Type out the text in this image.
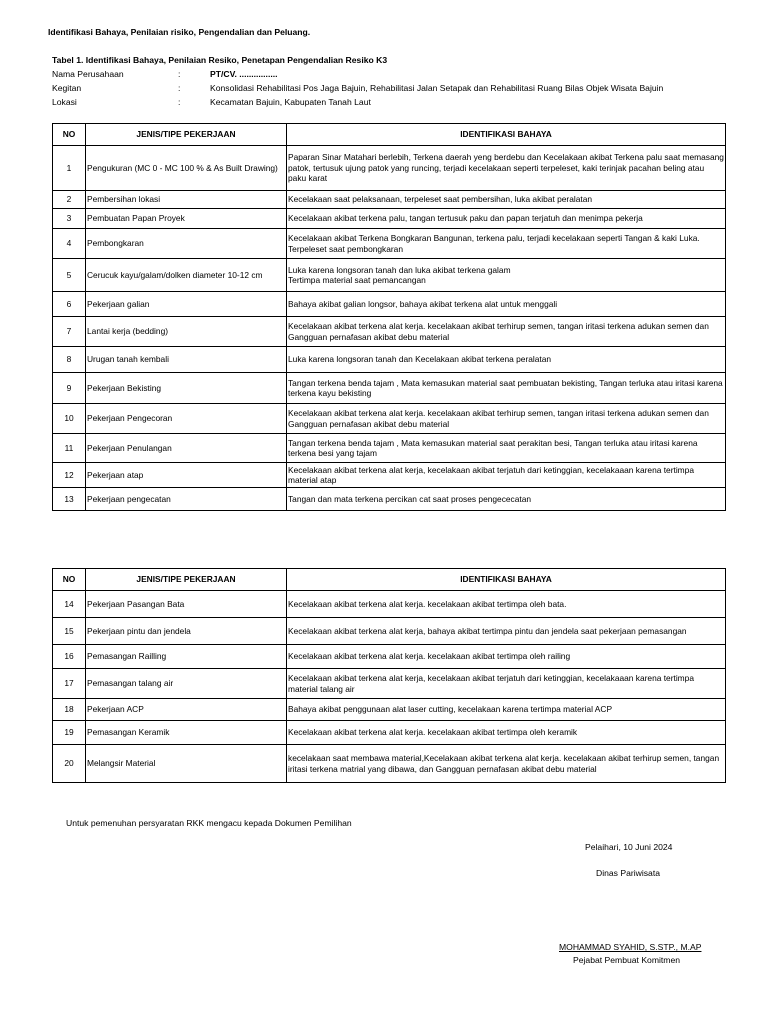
Identifikasi Bahaya, Penilaian risiko, Pengendalian dan Peluang.
Tabel 1. Identifikasi Bahaya, Penilaian Resiko, Penetapan Pengendalian Resiko K3
Nama Perusahaan	:	PT/CV. ................
Kegitan	:	Konsolidasi Rehabilitasi Pos Jaga Bajuin, Rehabilitasi Jalan Setapak dan Rehabilitasi Ruang Bilas Objek Wisata Bajuin
Lokasi	:	Kecamatan Bajuin, Kabupaten Tanah Laut
NO	JENIS/TIPE PEKERJAAN	IDENTIFIKASI BAHAYA
1	Pengukuran (MC 0 - MC 100 % & As Built Drawing)	Paparan Sinar Matahari berlebih, Terkena daerah yeng berdebu dan Kecelakaan akibat Terkena palu saat memasang patok, tertusuk ujung patok yang runcing, terjadi kecelakaan seperti terpeleset, kaki terinjak pacahan beling atau paku karat
2	Pembersihan lokasi	Kecelakaan saat pelaksanaan, terpeleset saat pembersihan, luka akibat peralatan
3	Pembuatan Papan Proyek	Kecelakaan akibat terkena palu, tangan tertusuk paku dan papan terjatuh dan menimpa pekerja
4	Pembongkaran	Kecelakaan akibat Terkena Bongkaran Bangunan, terkena palu, terjadi kecelakaan seperti Tangan & kaki Luka. Terpeleset saat pembongkaran
5	Cerucuk kayu/galam/dolken diameter 10-12 cm	Luka karena longsoran tanah dan luka akibat terkena galam
Tertimpa material saat pemancangan
6	Pekerjaan galian	Bahaya akibat galian longsor, bahaya akibat terkena alat untuk menggali
7	Lantai kerja (bedding)	Kecelakaan akibat terkena alat kerja. kecelakaan akibat terhirup semen, tangan iritasi terkena adukan semen dan Gangguan pernafasan akibat debu material
8	Urugan tanah kembali	Luka karena longsoran tanah dan Kecelakaan akibat terkena peralatan
9	Pekerjaan Bekisting	Tangan terkena benda tajam , Mata kemasukan material saat pembuatan bekisting, Tangan terluka atau iritasi karena terkena kayu bekisting
10	Pekerjaan Pengecoran	Kecelakaan akibat terkena alat kerja. kecelakaan akibat terhirup semen, tangan iritasi terkena adukan semen dan Gangguan pernafasan akibat debu material
11	Pekerjaan Penulangan	Tangan terkena benda tajam , Mata kemasukan material saat perakitan besi, Tangan terluka atau iritasi karena terkena besi yang tajam
12	Pekerjaan atap	Kecelakaan akibat terkena alat kerja, kecelakaan akibat terjatuh dari ketinggian, kecelakaaan karena tertimpa material atap
13	Pekerjaan pengecatan	Tangan dan mata terkena percikan cat saat proses pengececatan
NO	JENIS/TIPE PEKERJAAN	IDENTIFIKASI BAHAYA
14	Pekerjaan Pasangan Bata	Kecelakaan akibat terkena alat kerja. kecelakaan akibat tertimpa oleh bata.
15	Pekerjaan pintu dan jendela	Kecelakaan akibat terkena alat kerja, bahaya akibat tertimpa pintu dan jendela saat pekerjaan pemasangan
16	Pemasangan Railling	Kecelakaan akibat terkena alat kerja. kecelakaan akibat tertimpa oleh railing
17	Pemasangan talang air	Kecelakaan akibat terkena alat kerja, kecelakaan akibat terjatuh dari ketinggian, kecelakaaan karena tertimpa material talang air
18	Pekerjaan ACP	Bahaya akibat penggunaan alat laser cutting, kecelakaan karena tertimpa material ACP
19	Pemasangan Keramik	Kecelakaan akibat terkena alat kerja. kecelakaan akibat tertimpa oleh keramik
20	Melangsir Material	kecelakaan saat membawa material,Kecelakaan akibat terkena alat kerja. kecelakaan akibat terhirup semen, tangan iritasi terkena matrial yang dibawa, dan Gangguan pernafasan akibat debu material
Untuk pemenuhan persyaratan RKK mengacu kepada Dokumen Pemilihan
Pelaihari, 10 Juni 2024
Dinas Pariwisata
MOHAMMAD SYAHID, S.STP., M.AP
Pejabat Pembuat Komitmen
